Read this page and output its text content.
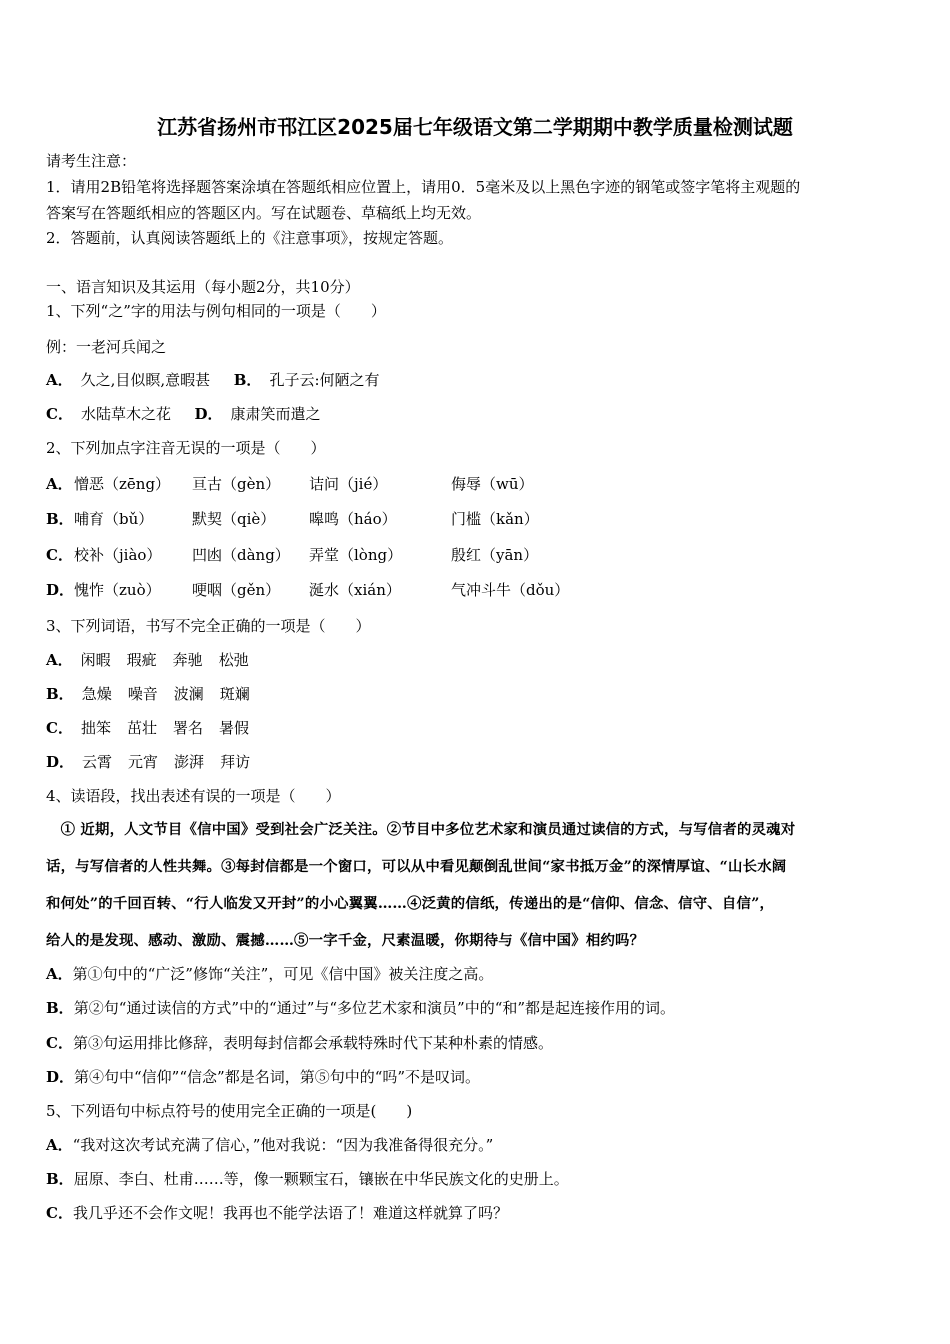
江苏省扬州市邗江区2025届七年级语文第二学期期中教学质量检测试题

请考生注意：

1．请用2B铅笔将选择题答案涂填在答题纸相应位置上，请用0．5毫米及以上黑色字迹的钢笔或签字笔将主观题的

答案写在答题纸相应的答题区内。写在试题卷、草稿纸上均无效。

2．答题前，认真阅读答题纸上的《注意事项》，按规定答题。

一、语言知识及其运用（每小题2分，共10分）

1、下列“之”字的用法与例句相同的一项是（　　）

例：一老河兵闻之

A． 久之,目似瞑,意暇甚 B． 孔子云:何陋之有
C． 水陆草木之花 D． 康肃笑而遣之

2、下列加点字注音无误的一项是（　　）

A． 憎恶（zēng） 亘古（gèn） 诘问（jié）	侮辱（wū）
B． 哺育（bǔ）	默契（qiè） 嗥鸣（háo）	门槛（kǎn）
C． 校补（jiào） 凹凼（dàng） 弄堂（lòng）	殷红（yān）
D． 愧怍（zuò） 哽咽（gěn） 涎水（xián）	气冲斗牛（dǒu）

3、下列词语，书写不完全正确的一项是（　　）

A． 闲暇 瑕疵 奔驰 松弛
B． 急燥 噪音 波澜 斑斓
C． 拙笨 茁壮 署名 暑假
D． 云霄 元宵 澎湃 拜访

4、读语段，找出表述有误的一项是（　　）

　① 近期，人文节目《信中国》受到社会广泛关注。②节目中多位艺术家和演员通过读信的方式，与写信者的灵魂对

话，与写信者的人性共舞。③每封信都是一个窗口，可以从中看见颠倒乱世间“家书抵万金”的深情厚谊、“山长水阔

和何处”的千回百转、“行人临发又开封”的小心翼翼……④泛黄的信纸，传递出的是“信仰、信念、信守、自信”，

给人的是发现、感动、激励、震撼……⑤一字千金，尺素温暖，你期待与《信中国》相约吗？

A．第①句中的“广泛”修饰“关注”，可见《信中国》被关注度之高。
B．第②句“通过读信的方式”中的“通过”与“多位艺术家和演员”中的“和”都是起连接作用的词。
C．第③句运用排比修辞，表明每封信都会承载特殊时代下某种朴素的情感。
D．第④句中“信仰”“信念”都是名词，第⑤句中的“吗”不是叹词。

5、下列语句中标点符号的使用完全正确的一项是(　　)

A．“我对这次考试充满了信心，”他对我说：“因为我准备得很充分。”
B．屈原、李白、杜甫……等，像一颗颗宝石，镶嵌在中华民族文化的史册上。
C．我几乎还不会作文呢！我再也不能学法语了！难道这样就算了吗？
